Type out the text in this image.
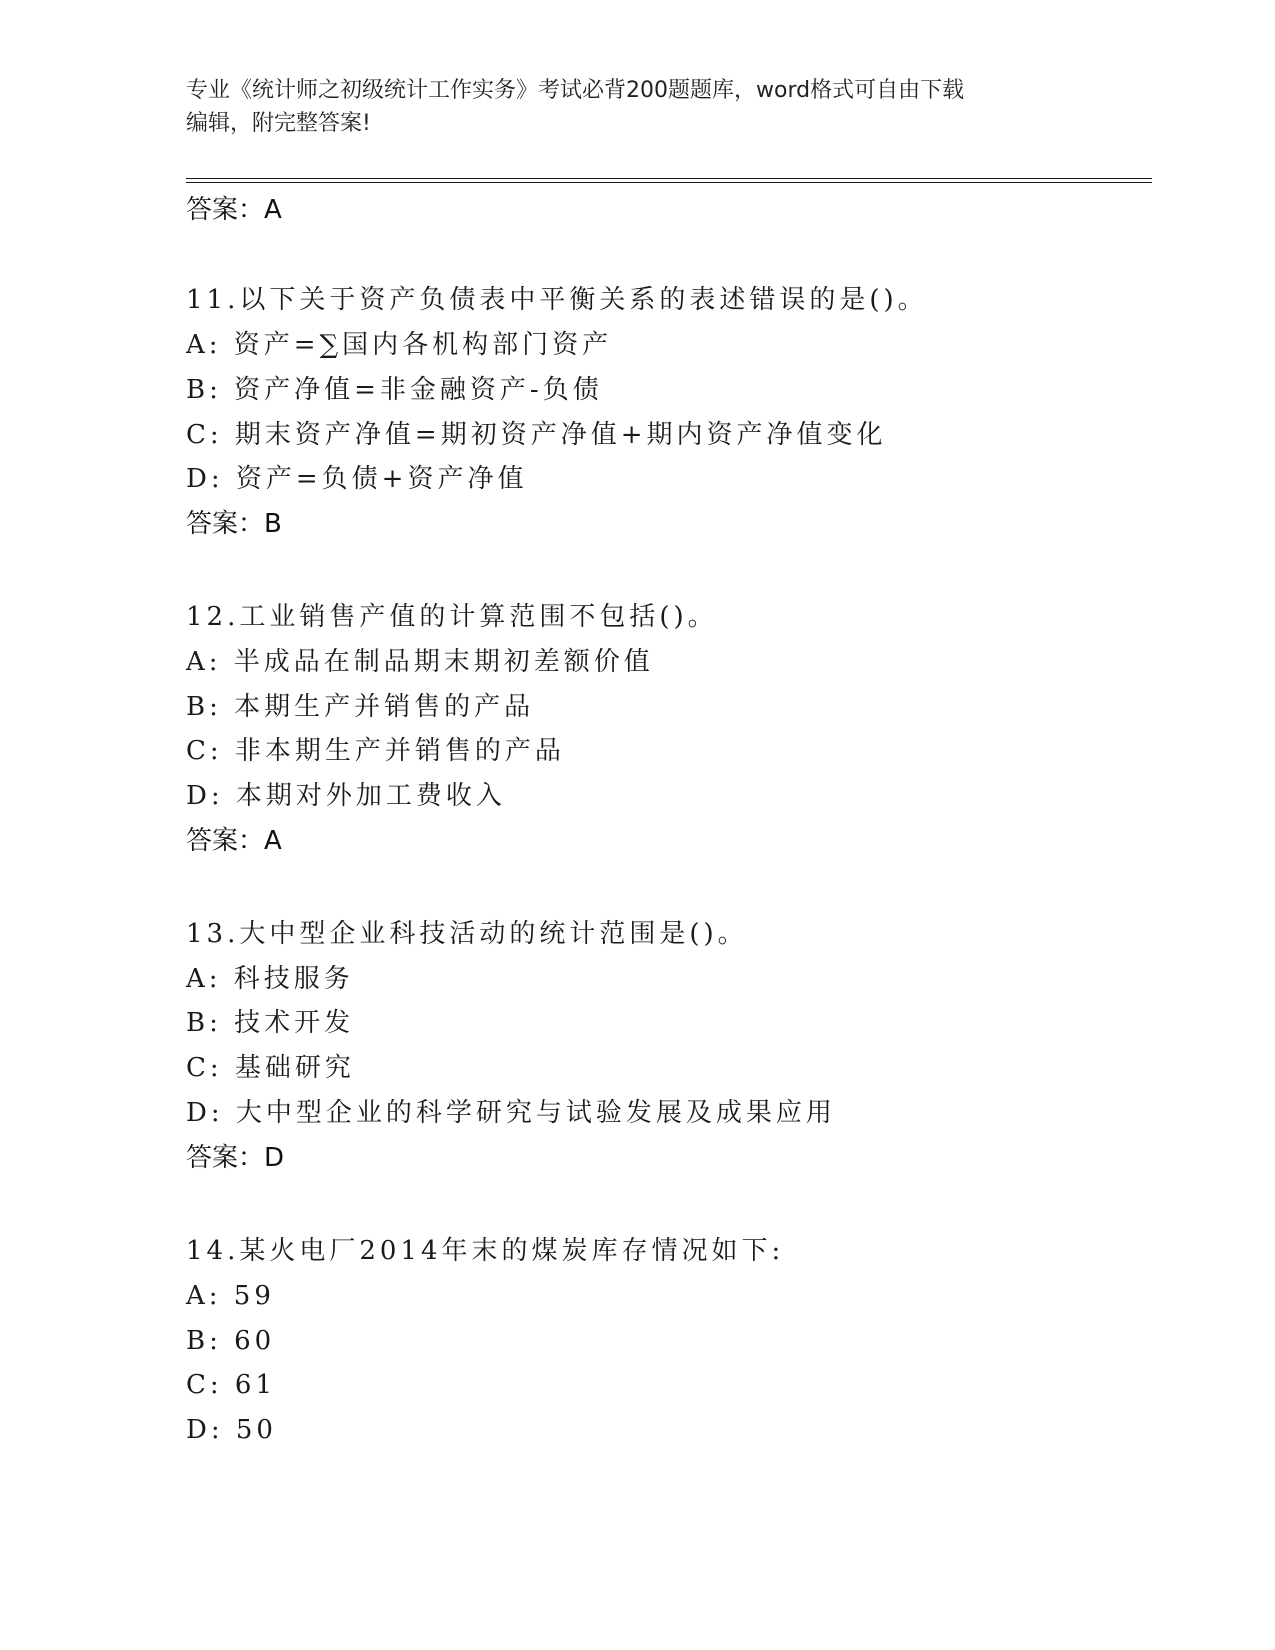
专业《统计师之初级统计工作实务》考试必背200题题库，word格式可自由下载
编辑，附完整答案!
答案：A
11.以下关于资产负债表中平衡关系的表述错误的是()。
A: 资产=∑国内各机构部门资产
B: 资产净值=非金融资产-负债
C: 期末资产净值=期初资产净值+期内资产净值变化
D: 资产=负债+资产净值
答案：B
12.工业销售产值的计算范围不包括()。
A: 半成品在制品期末期初差额价值
B: 本期生产并销售的产品
C: 非本期生产并销售的产品
D: 本期对外加工费收入
答案：A
13.大中型企业科技活动的统计范围是()。
A: 科技服务
B: 技术开发
C: 基础研究
D: 大中型企业的科学研究与试验发展及成果应用
答案：D
14.某火电厂2014年末的煤炭库存情况如下:
A: 59
B: 60
C: 61
D: 50
